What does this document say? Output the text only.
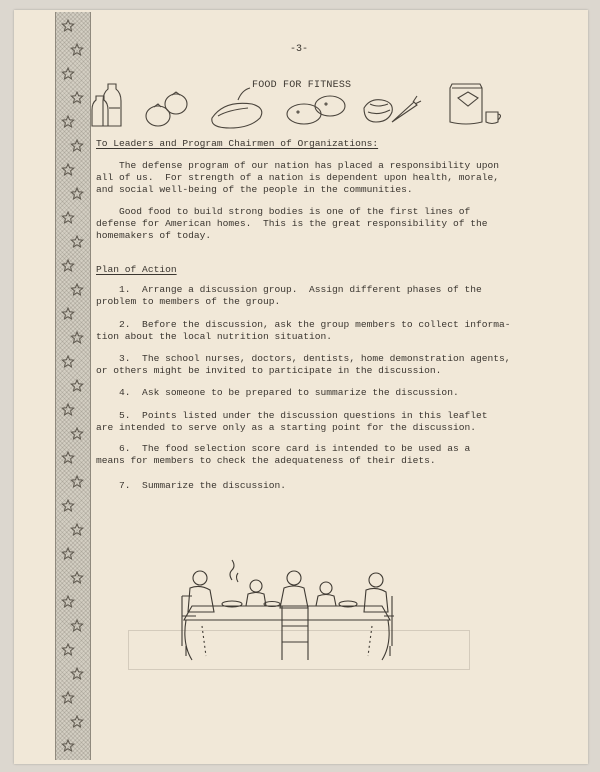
-3-
FOOD FOR FITNESS
To Leaders and Program Chairmen of Organizations:
The defense program of our nation has placed a responsibility upon
all of us.  For strength of a nation is dependent upon health, morale,
and social well-being of the people in the communities.
Good food to build strong bodies is one of the first lines of
defense for American homes.  This is the great responsibility of the
homemakers of today.
Plan of Action
1.  Arrange a discussion group.  Assign different phases of the
problem to members of the group.
2.  Before the discussion, ask the group members to collect informa-
tion about the local nutrition situation.
3.  The school nurses, doctors, dentists, home demonstration agents,
or others might be invited to participate in the discussion.
4.  Ask someone to be prepared to summarize the discussion.
5.  Points listed under the discussion questions in this leaflet
are intended to serve only as a starting point for the discussion.
6.  The food selection score card is intended to be used as a
means for members to check the adequateness of their diets.
7.  Summarize the discussion.
